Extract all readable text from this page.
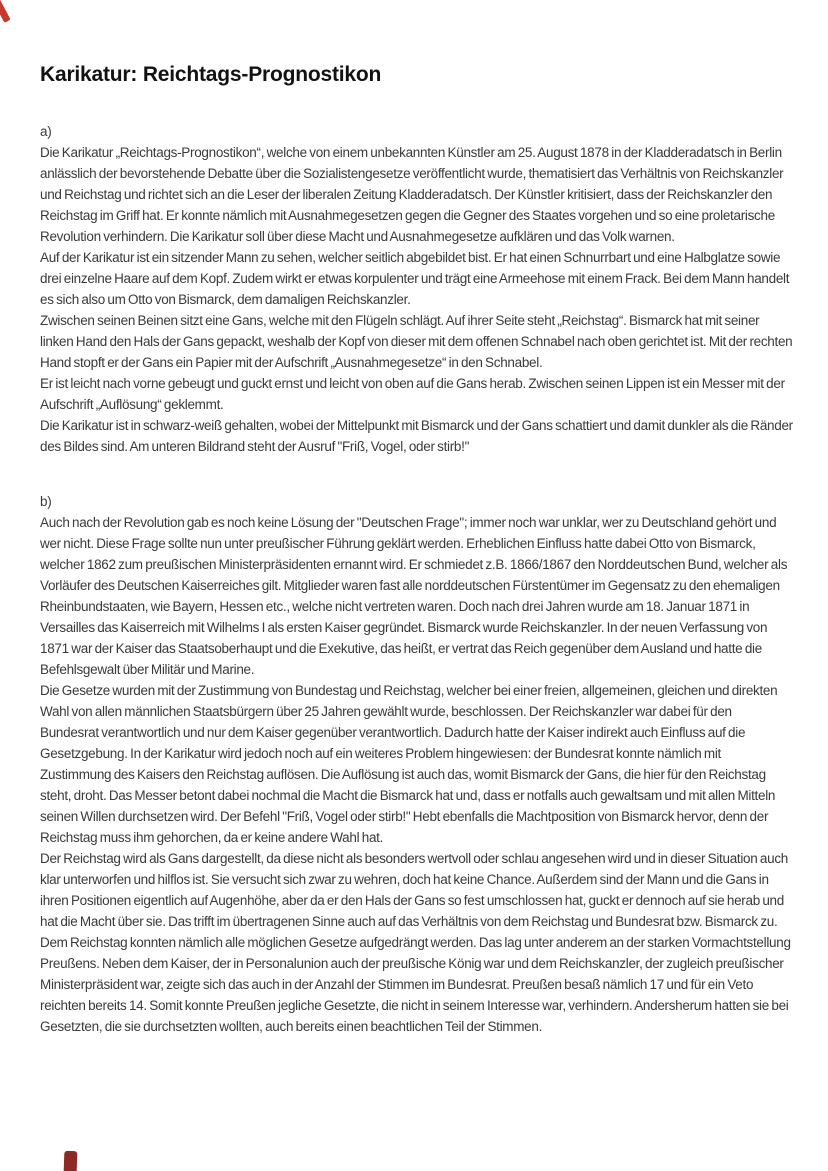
Karikatur: Reichtags-Prognostikon
a)

Die Karikatur „Reichtags-Prognostikon“, welche von einem unbekannten Künstler am 25. August 1878 in der Kladderadatsch in Berlin anlässlich der bevorstehende Debatte über die Sozialistengesetze veröffentlicht wurde, thematisiert das Verhältnis von Reichskanzler und Reichstag und richtet sich an die Leser der liberalen Zeitung Kladderadatsch. Der Künstler kritisiert, dass der Reichskanzler den Reichstag im Griff hat. Er konnte nämlich mit Ausnahmegesetzen gegen die Gegner des Staates vorgehen und so eine proletarische Revolution verhindern. Die Karikatur soll über diese Macht und Ausnahmegesetze aufklären und das Volk warnen.

Auf der Karikatur ist ein sitzender Mann zu sehen, welcher seitlich abgebildet bist. Er hat einen Schnurrbart und eine Halbglatze sowie drei einzelne Haare auf dem Kopf. Zudem wirkt er etwas korpulenter und trägt eine Armeehose mit einem Frack. Bei dem Mann handelt es sich also um Otto von Bismarck, dem damaligen Reichskanzler.

Zwischen seinen Beinen sitzt eine Gans, welche mit den Flügeln schlägt. Auf ihrer Seite steht „Reichstag“. Bismarck hat mit seiner linken Hand den Hals der Gans gepackt, weshalb der Kopf von dieser mit dem offenen Schnabel nach oben gerichtet ist. Mit der rechten Hand stopft er der Gans ein Papier mit der Aufschrift „Ausnahmegesetze“ in den Schnabel.

Er ist leicht nach vorne gebeugt und guckt ernst und leicht von oben auf die Gans herab. Zwischen seinen Lippen ist ein Messer mit der Aufschrift „Auflösung“ geklemmt.

Die Karikatur ist in schwarz-weiß gehalten, wobei der Mittelpunkt mit Bismarck und der Gans schattiert und damit dunkler als die Ränder des Bildes sind. Am unteren Bildrand steht der Ausruf "Friß, Vogel, oder stirb!"

b)

Auch nach der Revolution gab es noch keine Lösung der "Deutschen Frage"; immer noch war unklar, wer zu Deutschland gehört und wer nicht. Diese Frage sollte nun unter preußischer Führung geklärt werden. Erheblichen Einfluss hatte dabei Otto von Bismarck, welcher 1862 zum preußischen Ministerpräsidenten ernannt wird. Er schmiedet z.B. 1866/1867 den Norddeutschen Bund, welcher als Vorläufer des Deutschen Kaiserreiches gilt. Mitglieder waren fast alle norddeutschen Fürstentümer im Gegensatz zu den ehemaligen Rheinbundstaaten, wie Bayern, Hessen etc., welche nicht vertreten waren. Doch nach drei Jahren wurde am 18. Januar 1871 in Versailles das Kaiserreich mit Wilhelms I als ersten Kaiser gegründet. Bismarck wurde Reichskanzler. In der neuen Verfassung von 1871 war der Kaiser das Staatsoberhaupt und die Exekutive, das heißt, er vertrat das Reich gegenüber dem Ausland und hatte die Befehlsgewalt über Militär und Marine.

Die Gesetze wurden mit der Zustimmung von Bundestag und Reichstag, welcher bei einer freien, allgemeinen, gleichen und direkten Wahl von allen männlichen Staatsbürgern über 25 Jahren gewählt wurde, beschlossen. Der Reichskanzler war dabei für den Bundesrat verantwortlich und nur dem Kaiser gegenüber verantwortlich. Dadurch hatte der Kaiser indirekt auch Einfluss auf die Gesetzgebung. In der Karikatur wird jedoch noch auf ein weiteres Problem hingewiesen: der Bundesrat konnte nämlich mit Zustimmung des Kaisers den Reichstag auflösen. Die Auflösung ist auch das, womit Bismarck der Gans, die hier für den Reichstag steht, droht. Das Messer betont dabei nochmal die Macht die Bismarck hat und, dass er notfalls auch gewaltsam und mit allen Mitteln seinen Willen durchsetzen wird. Der Befehl "Friß, Vogel oder stirb!" Hebt ebenfalls die Machtposition von Bismarck hervor, denn der Reichstag muss ihm gehorchen, da er keine andere Wahl hat.

Der Reichstag wird als Gans dargestellt, da diese nicht als besonders wertvoll oder schlau angesehen wird und in dieser Situation auch klar unterworfen und hilflos ist. Sie versucht sich zwar zu wehren, doch hat keine Chance. Außerdem sind der Mann und die Gans in ihren Positionen eigentlich auf Augenhöhe, aber da er den Hals der Gans so fest umschlossen hat, guckt er dennoch auf sie herab und hat die Macht über sie. Das trifft im übertragenen Sinne auch auf das Verhältnis von dem Reichstag und Bundesrat bzw. Bismarck zu. Dem Reichstag konnten nämlich alle möglichen Gesetze aufgedrängt werden. Das lag unter anderem an der starken Vormachtstellung Preußens. Neben dem Kaiser, der in Personalunion auch der preußische König war und dem Reichskanzler, der zugleich preußischer Ministerpräsident war, zeigte sich das auch in der Anzahl der Stimmen im Bundesrat. Preußen besaß nämlich 17 und für ein Veto reichten bereits 14. Somit konnte Preußen jegliche Gesetzte, die nicht in seinem Interesse war, verhindern. Andersherum hatten sie bei Gesetzten, die sie durchsetzten wollten, auch bereits einen beachtlichen Teil der Stimmen.
